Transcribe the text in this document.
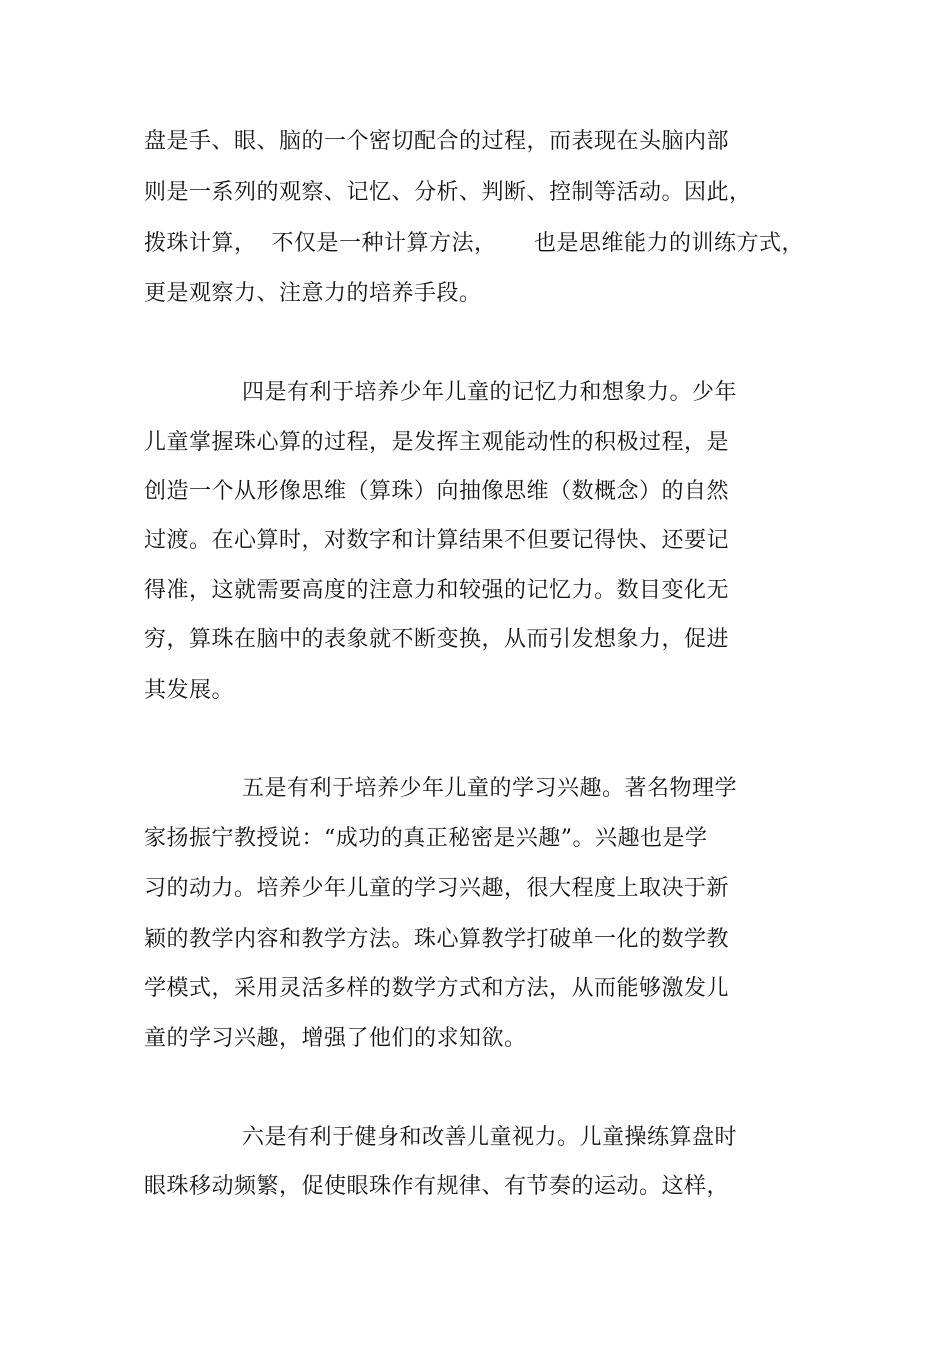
盘是手、眼、脑的一个密切配合的过程，而表现在头脑内部
则是一系列的观察、记忆、分析、判断、控制等活动。因此，
拨珠计算，  不仅是一种计算方法，     也是思维能力的训练方式，
更是观察力、注意力的培养手段。
四是有利于培养少年儿童的记忆力和想象力。少年
儿童掌握珠心算的过程，是发挥主观能动性的积极过程，是
创造一个从形像思维（算珠）向抽像思维（数概念）的自然
过渡。在心算时，对数字和计算结果不但要记得快、还要记
得准，这就需要高度的注意力和较强的记忆力。数目变化无
穷，算珠在脑中的表象就不断变换，从而引发想象力，促进
其发展。
五是有利于培养少年儿童的学习兴趣。著名物理学
家扬振宁教授说：“成功的真正秘密是兴趣”。兴趣也是学
习的动力。培养少年儿童的学习兴趣，很大程度上取决于新
颖的教学内容和教学方法。珠心算教学打破单一化的数学教
学模式，采用灵活多样的数学方式和方法，从而能够激发儿
童的学习兴趣，增强了他们的求知欲。
六是有利于健身和改善儿童视力。儿童操练算盘时
眼珠移动频繁，促使眼珠作有规律、有节奏的运动。这样，
